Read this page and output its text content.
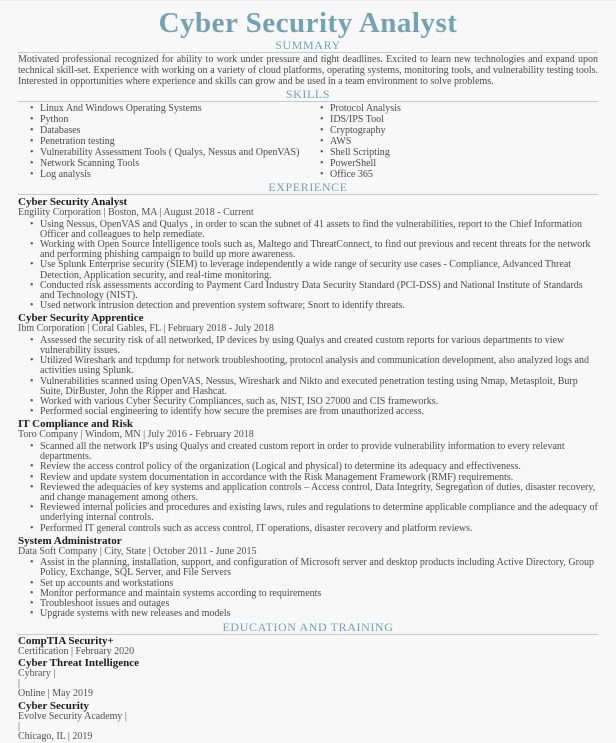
Cyber Security Analyst
SUMMARY

Motivated professional recognized for ability to work under pressure and tight deadlines. Excited to learn new technologies and expand upon technical skill-set. Experience with working on a variety of cloud platforms, operating systems, monitoring tools, and vulnerability testing tools. Interested in opportunities where experience and skills can grow and be used in a team environment to solve problems.

SKILLS
• Linux And Windows Operating Systems
• Python
• Databases
• Penetration testing
• Vulnerability Assessment Tools ( Qualys, Nessus and OpenVAS)
• Network Scanning Tools
• Log analysis
• Protocol Analysis
• IDS/IPS Tool
• Cryptography
• AWS
• Shell Scripting
• PowerShell
• Office 365
EXPERIENCE
Cyber Security Analyst

Engility Corporation | Boston, MA | August 2018 - Current

• Using Nessus, OpenVAS and Qualys , in order to scan the subnet of 41 assets to find the vulnerabilities, report to the Chief Information Officer and colleagues to help remediate.
• Working with Open Source Intelligence tools such as, Maltego and ThreatConnect, to find out previous and recent threats for the network and performing phishing campaign to build up more awareness.
• Use Splunk Enterprise security (SIEM) to leverage independently a wide range of security use cases - Compliance, Advanced Threat Detection, Application security, and real-time monitoring.
• Conducted risk assessments according to Payment Card Industry Data Security Standard (PCI-DSS) and National Institute of Standards and Technology (NIST).
• Used network intrusion detection and prevention system software; Snort to identify threats.
Cyber Security Apprentice

Ibm Corporation | Coral Gables, FL | February 2018 - July 2018

• Assessed the security risk of all networked, IP devices by using Qualys and created custom reports for various departments to view vulnerability issues.
• Utilized Wireshark and tcpdump for network troubleshooting, protocol analysis and communication development, also analyzed logs and activities using Splunk.
• Vulnerabilities scanned using OpenVAS, Nessus, Wireshark and Nikto and executed penetration testing using Nmap, Metasploit, Burp Suite, DirBuster, John the Ripper and Hashcat.
• Worked with various Cyber Security Compliances, such as, NIST, ISO 27000 and CIS frameworks.
• Performed social engineering to identify how secure the premises are from unauthorized access.
IT Compliance and Risk

Toro Company | Windom, MN | July 2016 - February 2018

• Scanned all the network IP's using Qualys and created custom report in order to provide vulnerability information to every relevant departments.
• Review the access control policy of the organization (Logical and physical) to determine its adequacy and effectiveness.
• Review and update system documentation in accordance with the Risk Management Framework (RMF) requirements.
• Reviewed the adequacies of key systems and application controls – Access control, Data Integrity, Segregation of duties, disaster recovery, and change management among others.
• Reviewed internal policies and procedures and existing laws, rules and regulations to determine applicable compliance and the adequacy of underlying internal controls.
• Performed IT general controls such as access control, IT operations, disaster recovery and platform reviews.
System Administrator

Data Soft Company | City, State | October 2011 - June 2015

• Assist in the planning, installation, support, and configuration of Microsoft server and desktop products including Active Directory, Group Policy, Exchange, SQL Server, and File Servers
• Set up accounts and workstations
• Monitor performance and maintain systems according to requirements
• Troubleshoot issues and outages
• Upgrade systems with new releases and models
EDUCATION AND TRAINING
CompTIA Security+

Certification | February 2020

Cyber Threat Intelligence

Cybrary |

|

Online | May 2019

Cyber Security

Evolve Security Academy |

|

Chicago, IL | 2019
